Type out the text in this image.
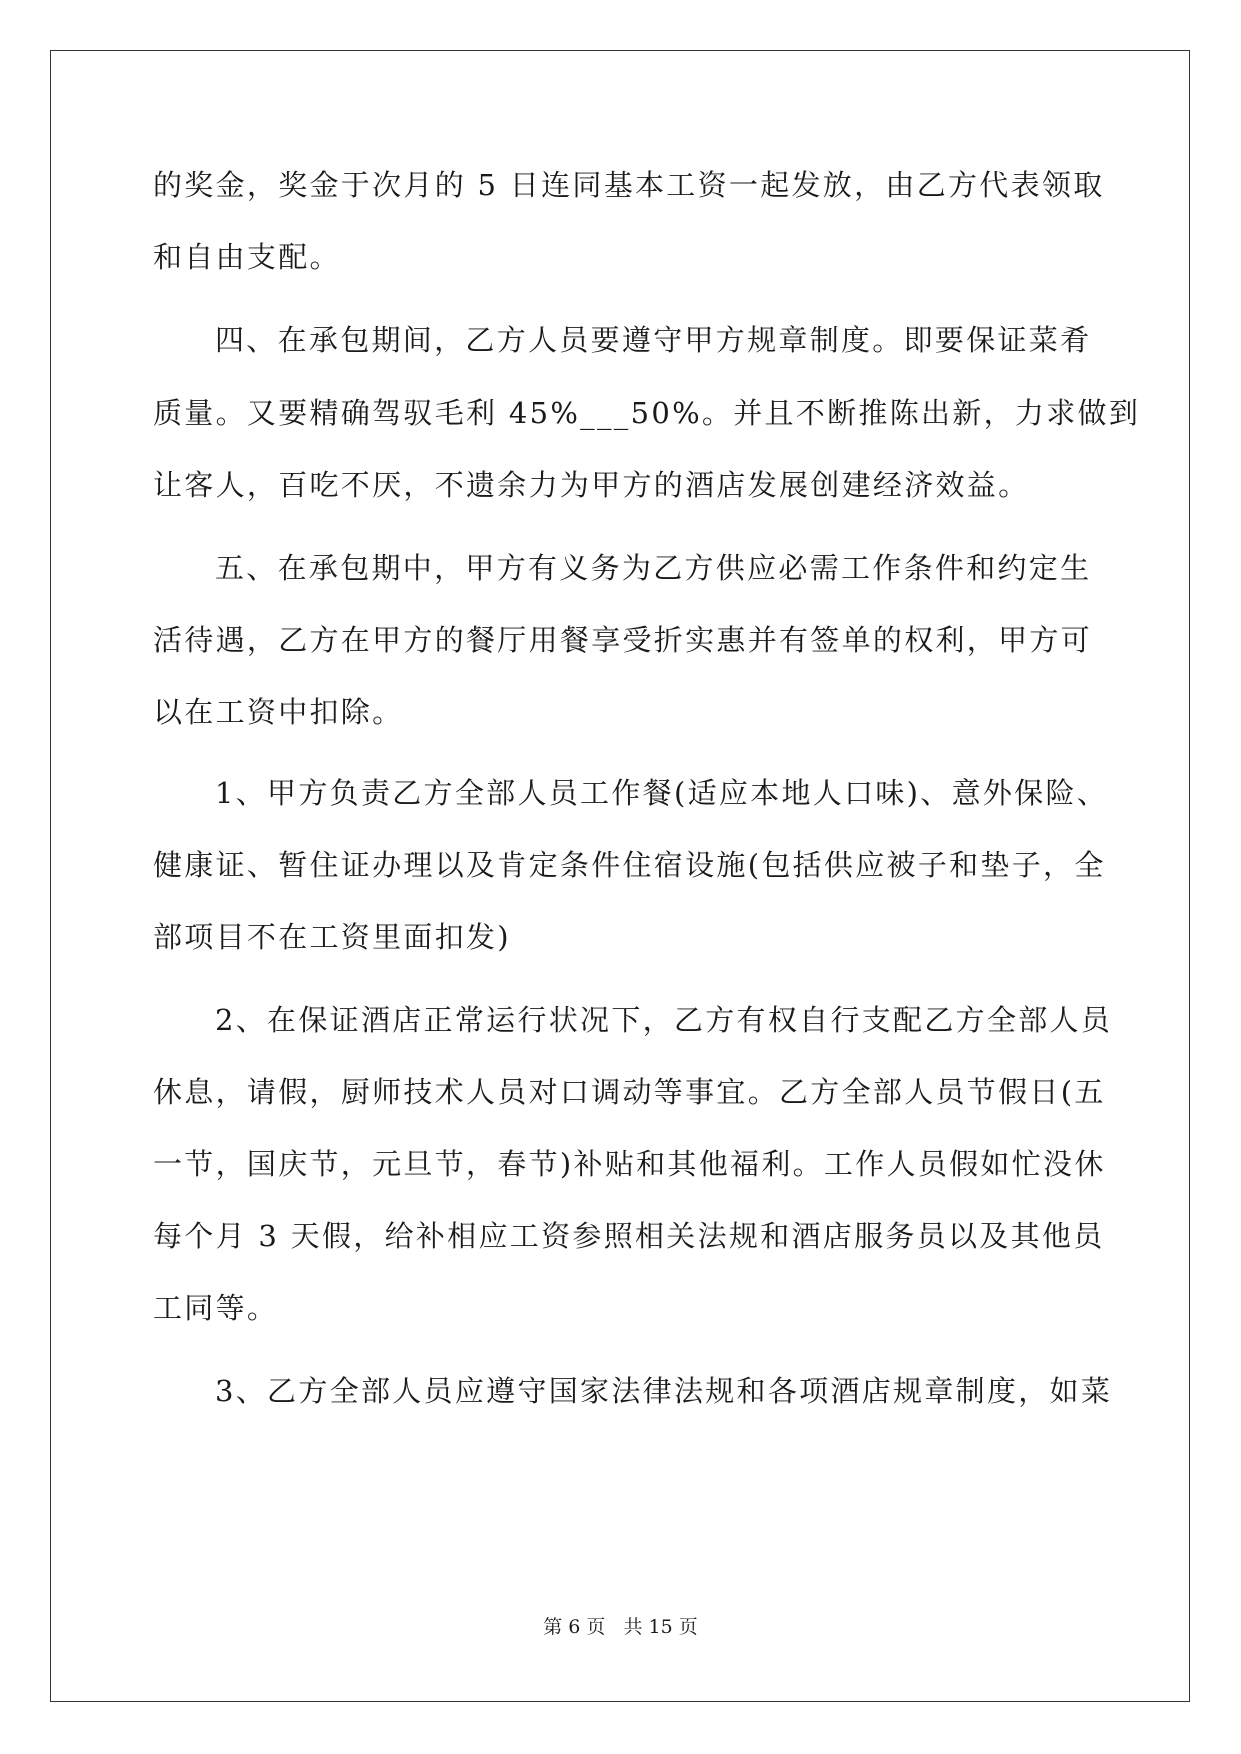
的奖金，奖金于次月的 5 日连同基本工资一起发放，由乙方代表领取
和自由支配。
四、在承包期间，乙方人员要遵守甲方规章制度。即要保证菜肴
质量。又要精确驾驭毛利 45%___50%。并且不断推陈出新，力求做到
让客人，百吃不厌，不遗余力为甲方的酒店发展创建经济效益。
五、在承包期中，甲方有义务为乙方供应必需工作条件和约定生
活待遇，乙方在甲方的餐厅用餐享受折实惠并有签单的权利，甲方可
以在工资中扣除。
1、甲方负责乙方全部人员工作餐(适应本地人口味)、意外保险、
健康证、暂住证办理以及肯定条件住宿设施(包括供应被子和垫子，全
部项目不在工资里面扣发)
2、在保证酒店正常运行状况下，乙方有权自行支配乙方全部人员
休息，请假，厨师技术人员对口调动等事宜。乙方全部人员节假日(五
一节，国庆节，元旦节，春节)补贴和其他福利。工作人员假如忙没休
每个月 3 天假，给补相应工资参照相关法规和酒店服务员以及其他员
工同等。
3、乙方全部人员应遵守国家法律法规和各项酒店规章制度，如菜
第 6 页 共 15 页
